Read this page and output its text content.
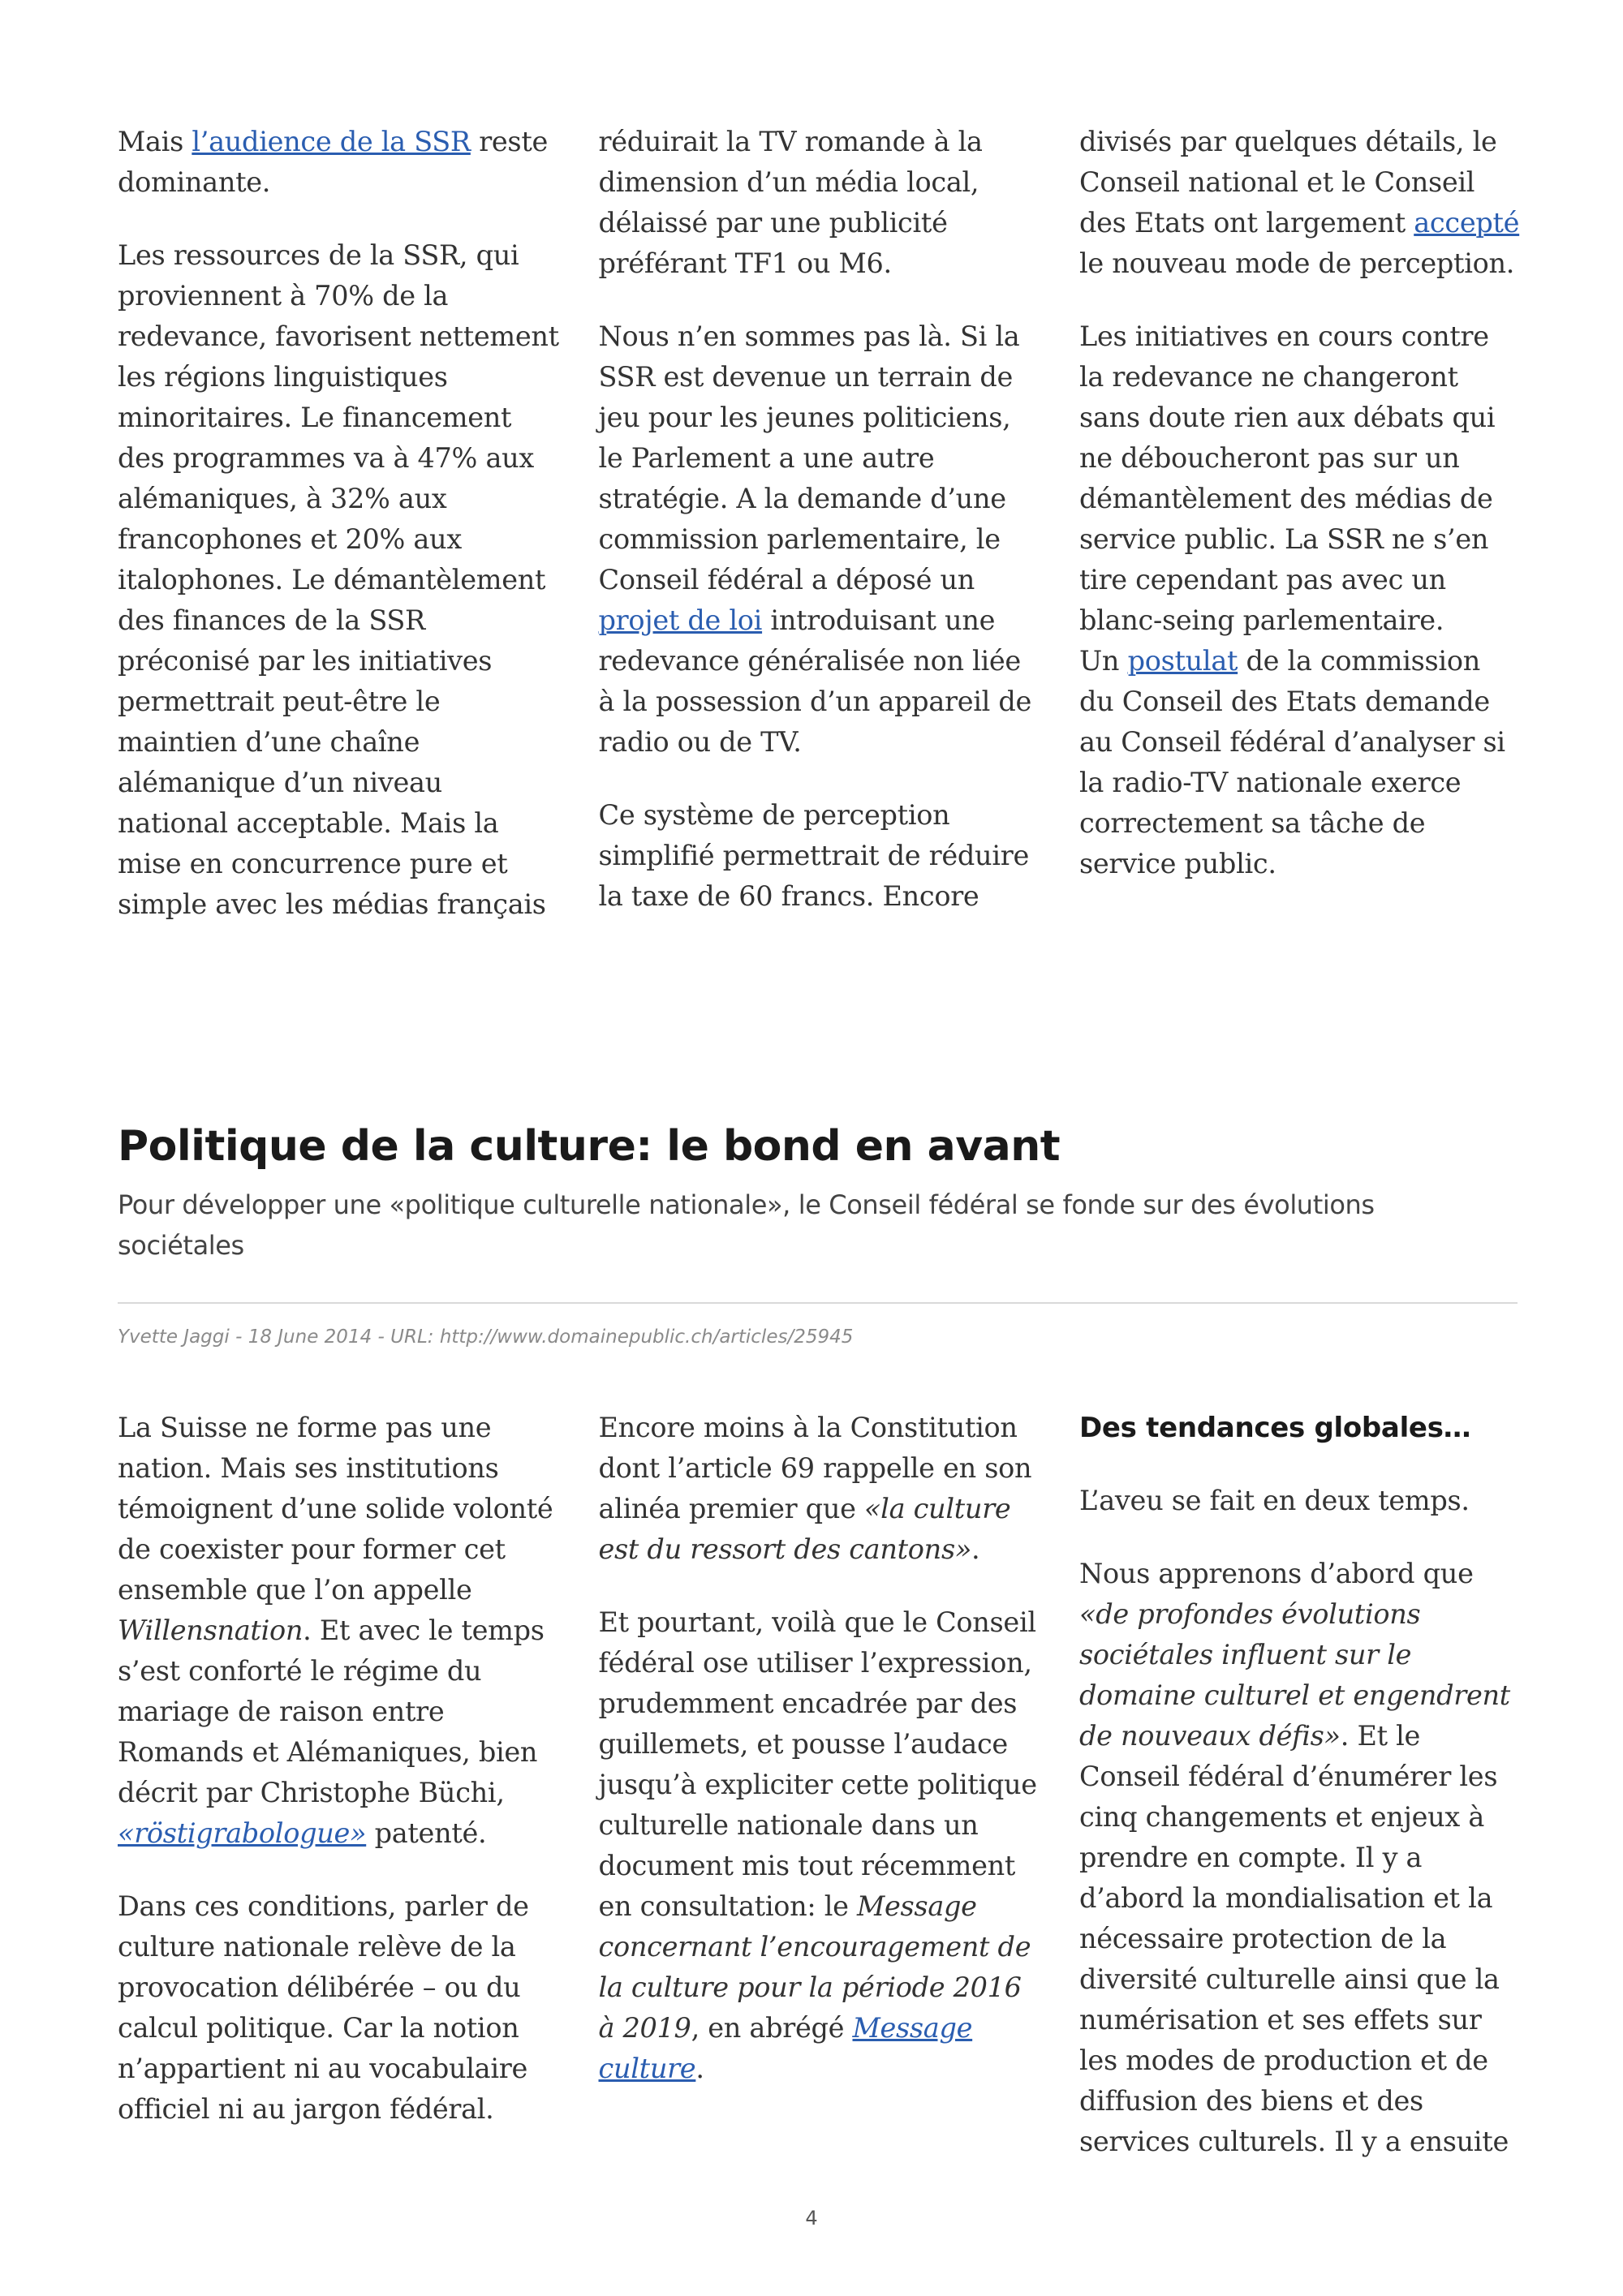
Mais l’audience de la SSR reste dominante.

Les ressources de la SSR, qui proviennent à 70% de la redevance, favorisent nettement les régions linguistiques minoritaires. Le financement des programmes va à 47% aux alémaniques, à 32% aux francophones et 20% aux italophones. Le démantèlement des finances de la SSR préconisé par les initiatives permettrait peut-être le maintien d’une chaîne alémanique d’un niveau national acceptable. Mais la mise en concurrence pure et simple avec les médias français

réduirait la TV romande à la dimension d’un média local, délaissé par une publicité préférant TF1 ou M6.

Nous n’en sommes pas là. Si la SSR est devenue un terrain de jeu pour les jeunes politiciens, le Parlement a une autre stratégie. A la demande d’une commission parlementaire, le Conseil fédéral a déposé un projet de loi introduisant une redevance généralisée non liée à la possession d’un appareil de radio ou de TV.

Ce système de perception simplifié permettrait de réduire la taxe de 60 francs. Encore

divisés par quelques détails, le Conseil national et le Conseil des Etats ont largement accepté le nouveau mode de perception.

Les initiatives en cours contre la redevance ne changeront sans doute rien aux débats qui ne déboucheront pas sur un démantèlement des médias de service public. La SSR ne s’en tire cependant pas avec un blanc-seing parlementaire.

Un postulat de la commission du Conseil des Etats demande au Conseil fédéral d’analyser si la radio-TV nationale exerce correctement sa tâche de service public.

Politique de la culture: le bond en avant

Pour développer une «politique culturelle nationale», le Conseil fédéral se fonde sur des évolutions sociétales

Yvette Jaggi - 18 June 2014 - URL: http://www.domainepublic.ch/articles/25945

La Suisse ne forme pas une nation. Mais ses institutions témoignent d’une solide volonté de coexister pour former cet ensemble que l’on appelle Willensnation. Et avec le temps s’est conforté le régime du mariage de raison entre Romands et Alémaniques, bien décrit par Christophe Büchi, «röstigrabologue» patenté.

Dans ces conditions, parler de culture nationale relève de la provocation délibérée – ou du calcul politique. Car la notion n’appartient ni au vocabulaire officiel ni au jargon fédéral.

Encore moins à la Constitution dont l’article 69 rappelle en son alinéa premier que «la culture est du ressort des cantons».

Et pourtant, voilà que le Conseil fédéral ose utiliser l’expression, prudemment encadrée par des guillemets, et pousse l’audace jusqu’à expliciter cette politique culturelle nationale dans un document mis tout récemment en consultation: le Message concernant l’encouragement de la culture pour la période 2016 à 2019, en abrégé Message culture.

Des tendances globales…

L’aveu se fait en deux temps.

Nous apprenons d’abord que «de profondes évolutions sociétales influent sur le domaine culturel et engendrent de nouveaux défis». Et le Conseil fédéral d’énumérer les cinq changements et enjeux à prendre en compte. Il y a d’abord la mondialisation et la nécessaire protection de la diversité culturelle ainsi que la numérisation et ses effets sur les modes de production et de diffusion des biens et des services culturels. Il y a ensuite

4
